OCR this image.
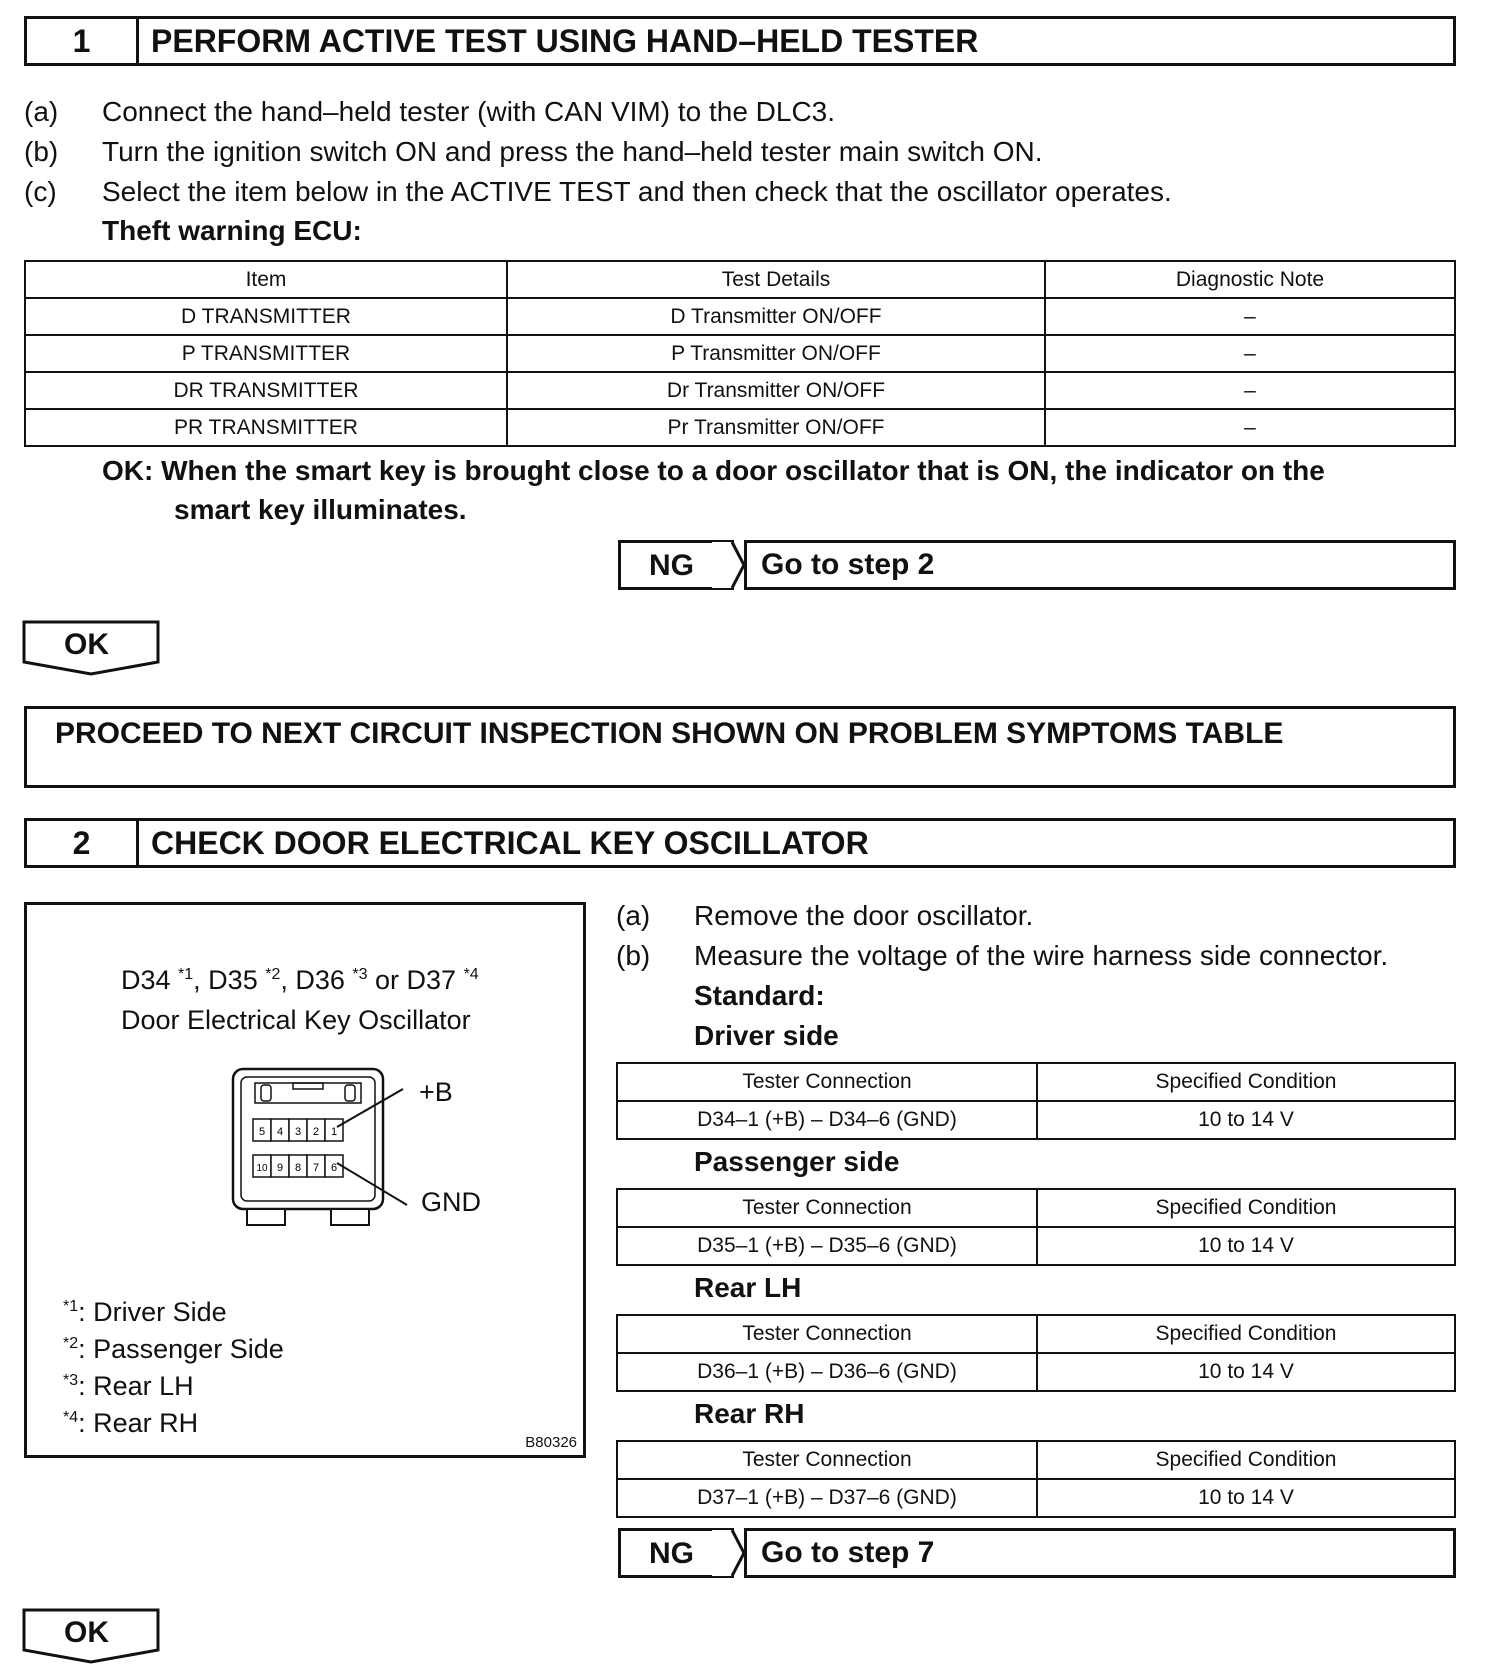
1	PERFORM ACTIVE TEST USING HAND–HELD TESTER
(a) Connect the hand–held tester (with CAN VIM) to the DLC3.
(b) Turn the ignition switch ON and press the hand–held tester main switch ON.
(c) Select the item below in the ACTIVE TEST and then check that the oscillator operates.
Theft warning ECU:
Item	Test Details	Diagnostic Note
D TRANSMITTER	D Transmitter ON/OFF	–
P TRANSMITTER	P Transmitter ON/OFF	–
DR TRANSMITTER	Dr Transmitter ON/OFF	–
PR TRANSMITTER	Pr Transmitter ON/OFF	–
OK: When the smart key is brought close to a door oscillator that is ON, the indicator on the
smart key illuminates.
NG	Go to step 2
OK
PROCEED TO NEXT CIRCUIT INSPECTION SHOWN ON PROBLEM SYMPTOMS TABLE
2	CHECK DOOR ELECTRICAL KEY OSCILLATOR
D34 $^{*1}$, D35 $^{*2}$, D36 $^{*3}$ or D37 $^{*4}$
Door Electrical Key Oscillator
5 4 3 2 1
10 9 8 7 6
+B
GND
$^{*1}$: Driver Side
$^{*2}$: Passenger Side
$^{*3}$: Rear LH
$^{*4}$: Rear RH
B80326
(a) Remove the door oscillator.
(b) Measure the voltage of the wire harness side connector.
Standard:
Driver side
Tester Connection	Specified Condition
D34–1 (+B) – D34–6 (GND)	10 to 14 V
Passenger side
Tester Connection	Specified Condition
D35–1 (+B) – D35–6 (GND)	10 to 14 V
Rear LH
Tester Connection	Specified Condition
D36–1 (+B) – D36–6 (GND)	10 to 14 V
Rear RH
Tester Connection	Specified Condition
D37–1 (+B) – D37–6 (GND)	10 to 14 V
NG	Go to step 7
OK
